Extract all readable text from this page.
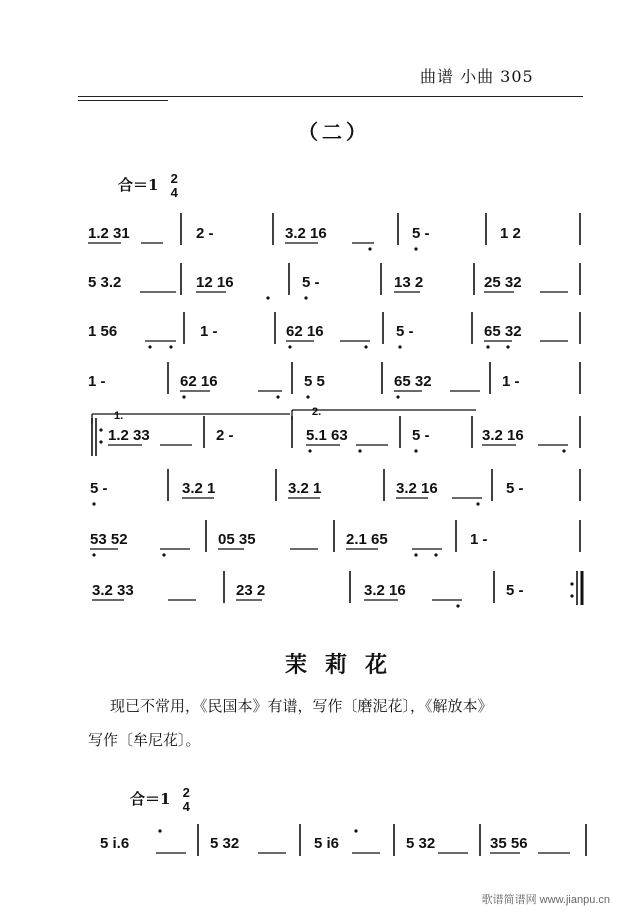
曲谱 小曲 305
（二）
合＝1 2
4
1.2 31	2 -	3.2 16	5 -	1 2
5 3.2	12 16	5 -	13 2	25 32
1 56	1 -	62 16	5 -	65 32
1 -	62 16	5 5	65 32	1 -
1.	2.
1.2 33	2 -	5.1 63	5 -	3.2 16
5 -	3.2 1	3.2 1	3.2 16	5 -
53 52	05 35	2.1 65	1 -
3.2 33	23 2	3.2 16	5 -
5 i.6	5 32	5 i6	5 32	35 56
茉莉花
现已不常用，《民国本》有谱，写作〔磨泥花〕，《解放本》
写作〔牟尼花〕。
合＝1 2
4
歌谱简谱网 www.jianpu.cn
